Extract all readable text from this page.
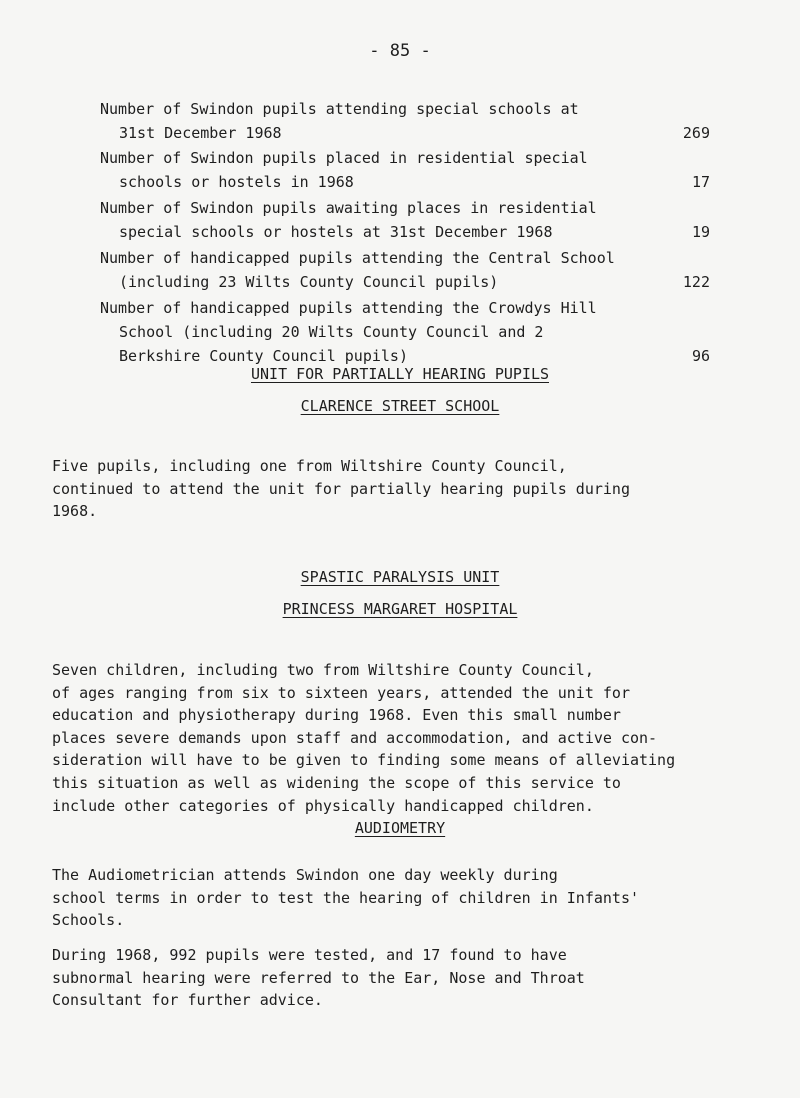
- 85 -
Number of Swindon pupils attending special schools at
31st December 1968	269
Number of Swindon pupils placed in residential special
schools or hostels in 1968	17
Number of Swindon pupils awaiting places in residential
special schools or hostels at 31st December 1968	19
Number of handicapped pupils attending the Central School
(including 23 Wilts County Council pupils)	122
Number of handicapped pupils attending the Crowdys Hill
School (including 20 Wilts County Council and 2
Berkshire County Council pupils)	96
UNIT FOR PARTIALLY HEARING PUPILS
CLARENCE STREET SCHOOL
Five pupils, including one from Wiltshire County Council,
continued to attend the unit for partially hearing pupils during
1968.
SPASTIC PARALYSIS UNIT
PRINCESS MARGARET HOSPITAL
Seven children, including two from Wiltshire County Council,
of ages ranging from six to sixteen years, attended the unit for
education and physiotherapy during 1968. Even this small number
places severe demands upon staff and accommodation, and active con-
sideration will have to be given to finding some means of alleviating
this situation as well as widening the scope of this service to
include other categories of physically handicapped children.
AUDIOMETRY
The Audiometrician attends Swindon one day weekly during
school terms in order to test the hearing of children in Infants'
Schools.
During 1968, 992 pupils were tested, and 17 found to have
subnormal hearing were referred to the Ear, Nose and Throat
Consultant for further advice.
